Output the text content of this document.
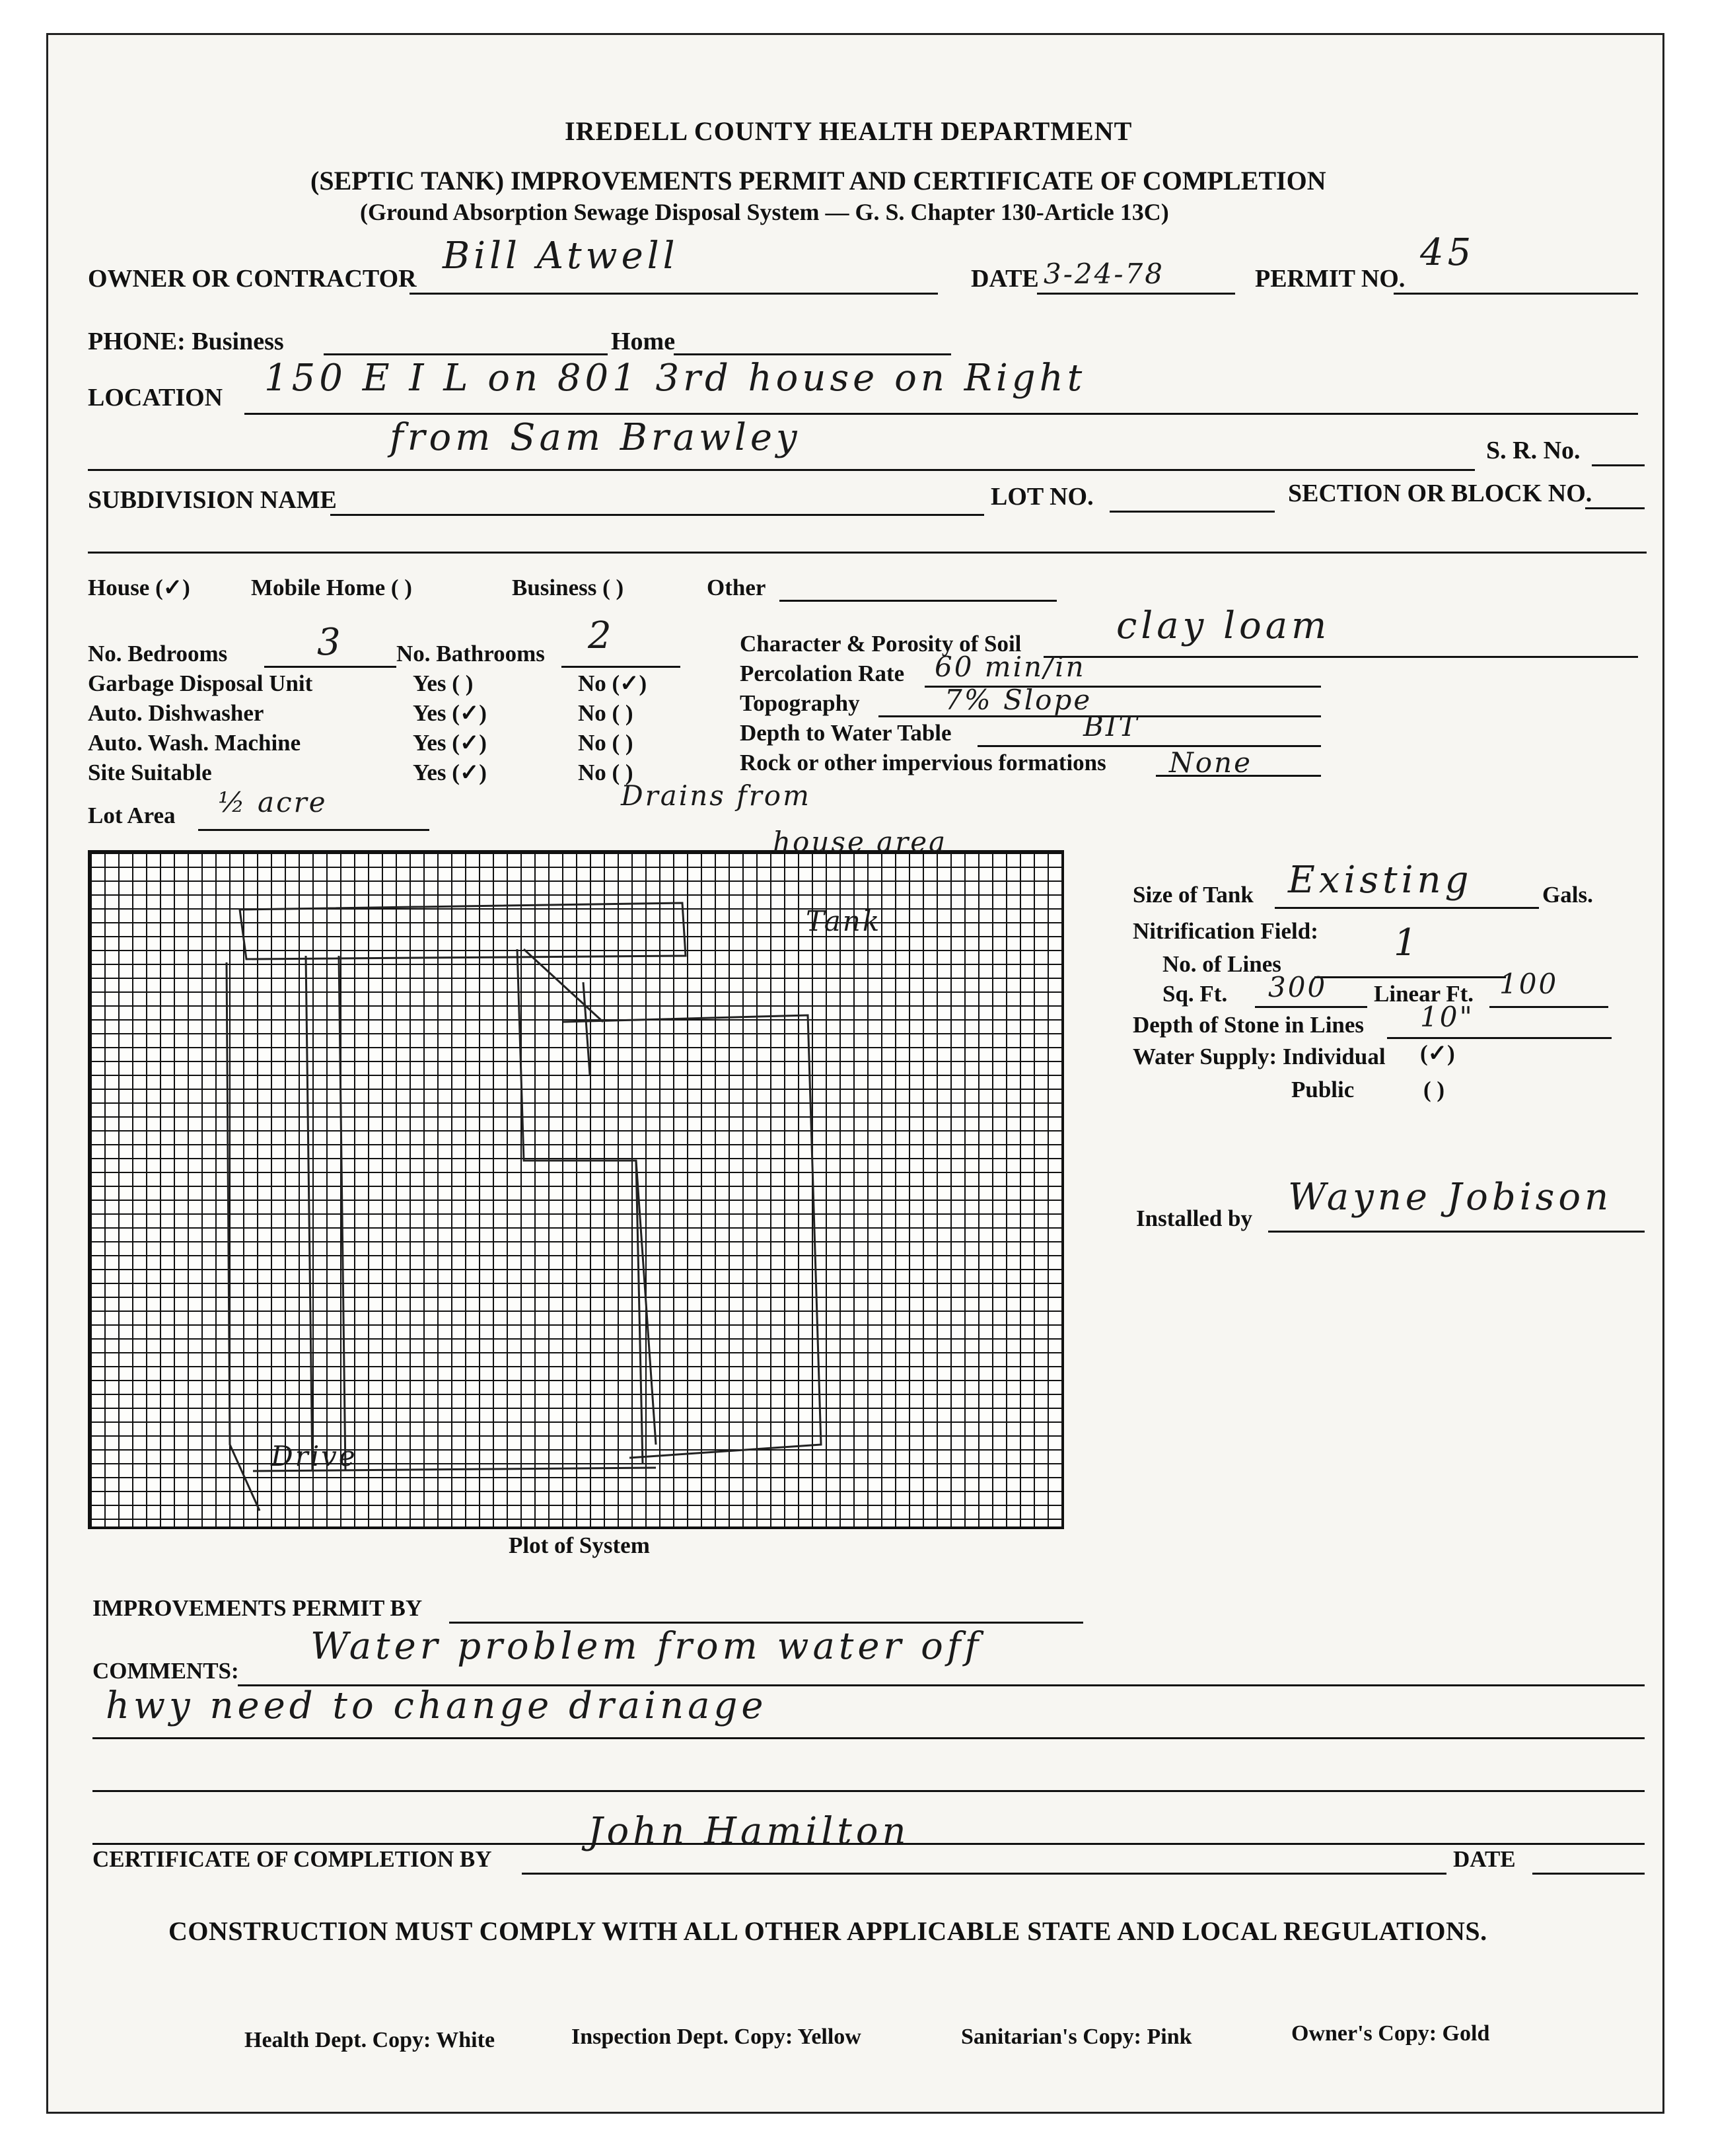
IREDELL COUNTY HEALTH DEPARTMENT
(SEPTIC TANK) IMPROVEMENTS PERMIT AND CERTIFICATE OF COMPLETION
(Ground Absorption Sewage Disposal System — G. S. Chapter 130-Article 13C)
OWNER OR CONTRACTOR
Bill Atwell
DATE 3-24-78	PERMIT NO.
45
PHONE: Business	Home
LOCATION 150 E I L on 801 3rd house on Right
from Sam Brawley	S. R. No.
SUBDIVISION NAME	LOT NO.	SECTION OR BLOCK NO.
House (✓)	Mobile Home ( )	Business ( )	Other
No. Bedrooms 3 No. Bathrooms 2
Garbage Disposal Unit	Yes ( )	No (✓)
Auto. Dishwasher	Yes (✓)	No ( )
Auto. Wash. Machine	Yes (✓)	No ( )
Site Suitable	Yes (✓)	No ( )
Lot Area ½ acre
Character & Porosity of Soil	clay loam
Percolation Rate 60 min/in
Topography	7% Slope
Depth to Water Table	BIT
Rock or other impervious formations None
Drains from
house area
Tank
Drive
Plot of System
Size of Tank Existing	Gals.
Nitrification Field:
No. of Lines	1
Sq. Ft. 300 Linear Ft. 100
Depth of Stone in Lines 10"
Water Supply: Individual (✓)
Public	( )
Installed by Wayne Jobison
IMPROVEMENTS PERMIT BY
COMMENTS:
Water problem from water off
hwy need to change drainage
CERTIFICATE OF COMPLETION BY
John Hamilton
DATE
CONSTRUCTION MUST COMPLY WITH ALL OTHER APPLICABLE STATE AND LOCAL REGULATIONS.
Health Dept. Copy: White	Inspection Dept. Copy: Yellow	Sanitarian's Copy: Pink	Owner's Copy: Gold
